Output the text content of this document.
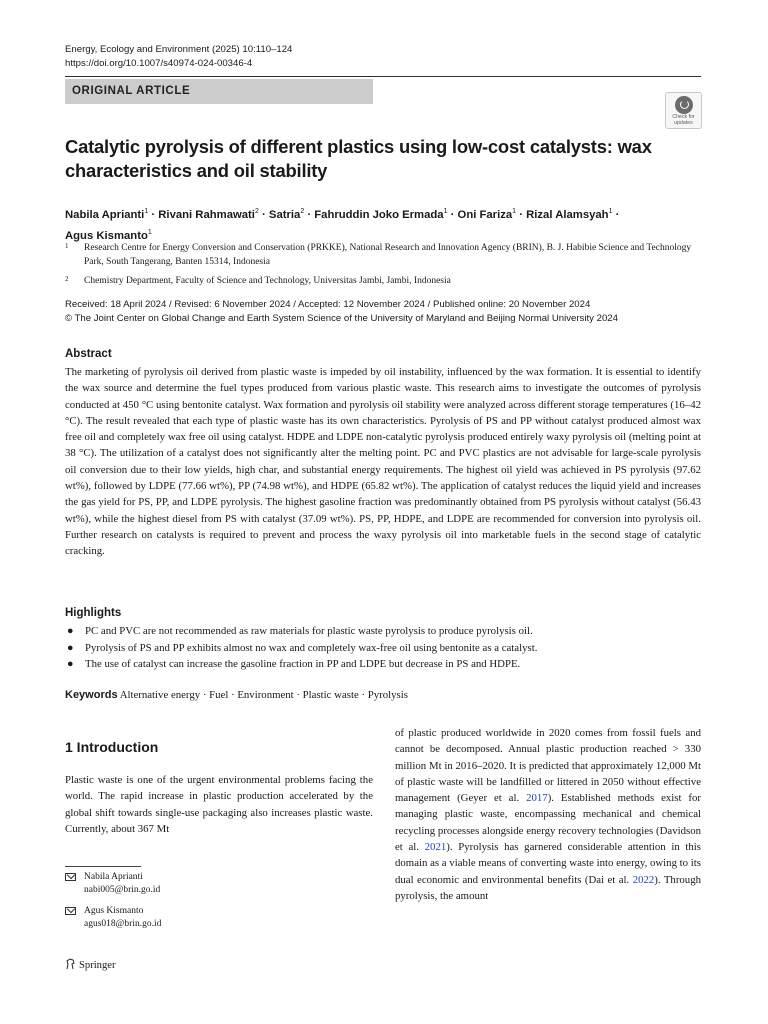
Energy, Ecology and Environment (2025) 10:110–124
https://doi.org/10.1007/s40974-024-00346-4
ORIGINAL ARTICLE
Check for
updates
Catalytic pyrolysis of different plastics using low-cost catalysts: wax characteristics and oil stability
Nabila Aprianti$^1$ · Rivani Rahmawati$^2$ · Satria$^2$ · Fahruddin Joko Ermada$^1$ · Oni Fariza$^1$ · Rizal Alamsyah$^1$ ·
Agus Kismanto$^1$
1 Research Centre for Energy Conversion and Conservation (PRKKE), National Research and Innovation Agency (BRIN), B. J. Habibie Science and Technology Park, South Tangerang, Banten 15314, Indonesia
2 Chemistry Department, Faculty of Science and Technology, Universitas Jambi, Jambi, Indonesia
Received: 18 April 2024 / Revised: 6 November 2024 / Accepted: 12 November 2024 / Published online: 20 November 2024
© The Joint Center on Global Change and Earth System Science of the University of Maryland and Beijing Normal University 2024
Abstract
The marketing of pyrolysis oil derived from plastic waste is impeded by oil instability, influenced by the wax formation. It is essential to identify the wax source and determine the fuel types produced from various plastic waste. This research aims to investigate the outcomes of pyrolysis conducted at 450 °C using bentonite catalyst. Wax formation and pyrolysis oil stability were analyzed across different storage temperatures (16–42 °C). The result revealed that each type of plastic waste has its own characteristics. Pyrolysis of PS and PP without catalyst produced almost wax free oil and completely wax free oil using catalyst. HDPE and LDPE non-catalytic pyrolysis produced entirely waxy pyrolysis oil (melting point at 38 °C). The utilization of a catalyst does not significantly alter the melting point. PC and PVC plastics are not advisable for large-scale pyrolysis oil conversion due to their low yields, high char, and substantial energy requirements. The highest oil yield was achieved in PS pyrolysis (97.62 wt%), followed by LDPE (77.66 wt%), PP (74.98 wt%), and HDPE (65.82 wt%). The application of catalyst reduces the liquid yield and increases the gas yield for PS, PP, and LDPE pyrolysis. The highest gasoline fraction was predominantly obtained from PS pyrolysis without catalyst (56.43 wt%), while the highest diesel from PS with catalyst (37.09 wt%). PS, PP, HDPE, and LDPE are recommended for conversion into pyrolysis oil. Further research on catalysts is required to prevent and process the waxy pyrolysis oil into marketable fuels in the second stage of catalytic cracking.
Highlights
● PC and PVC are not recommended as raw materials for plastic waste pyrolysis to produce pyrolysis oil.
● Pyrolysis of PS and PP exhibits almost no wax and completely wax-free oil using bentonite as a catalyst.
● The use of catalyst can increase the gasoline fraction in PP and LDPE but decrease in PS and HDPE.
Keywords Alternative energy · Fuel · Environment · Plastic waste · Pyrolysis
1 Introduction
Plastic waste is one of the urgent environmental problems facing the world. The rapid increase in plastic production accelerated by the global shift towards single-use packaging also increases plastic waste. Currently, about 367 Mt
of plastic produced worldwide in 2020 comes from fossil fuels and cannot be decomposed. Annual plastic production reached > 330 million Mt in 2016–2020. It is predicted that approximately 12,000 Mt of plastic waste will be landfilled or littered in 2050 without effective management (Geyer et al. 2017). Established methods exist for managing plastic waste, encompassing mechanical and chemical recycling processes alongside energy recovery technologies (Davidson et al. 2021). Pyrolysis has garnered considerable attention in this domain as a viable means of converting waste into energy, owing to its dual economic and environmental benefits (Dai et al. 2022). Through pyrolysis, the amount
Nabila Aprianti
nabi005@brin.go.id
Agus Kismanto
agus018@brin.go.id
Springer
